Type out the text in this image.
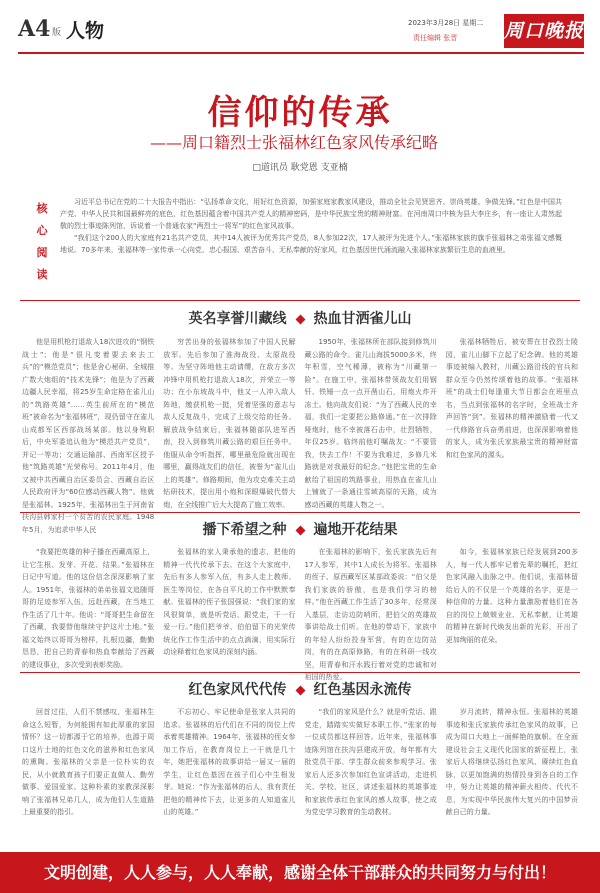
A4 版 人物	2023年3月28日 星期二
责任编辑 张晋 周口晚报
信仰的传承
——周口籍烈士张福林红色家风传承纪略
□道讯员 耿党恩 支亚楠
核
心
阅
读

习近平总书记在党的二十大报告中指出：“弘扬革命文化，用好红色资源，加强家庭家教家风建设，推动全社会见贤思齐、崇尚英雄、争做先锋。”红色是中国共产党、中华人民共和国最鲜亮的底色，红色基因蕴含着中国共产党人的精神密码，是中华民族宝贵的精神财富。在河南周口中核为县大李庄乡，有一座让人肃然起敬的烈士事迹陈列馆，诉说着一个普通农家“两烈士一将军”的红色家风故事。

“我们这个200人的大家庭有21名共产党员，其中14人被评为优秀共产党员，8人参加22次，17人被评为先进个人。”张福林家族的旗手张福林之弟张福文感慨地说。70多年来，张福林等一家传承一心向党、忠心报国、艰苦奋斗、无私奉献的好家风，红色基因世代涌流融入张福林家族繁衍生息的血液里。

英名享誉川藏线 热血甘洒雀儿山

他是用机枪打退敌人18次进攻的“钢铁战士”；他是“很凡变着要去来去工兵”的“模范党员”；他是舍心秘研、全城推广数大炮组的“技术先锋”；他是为了西藏边疆人民幸福，将25岁生命定格在雀儿山的“筑路英雄”……英生前所在的“模范班”被命名为“张福林班”，现仍留守在雀儿山成都军区西部战场某部。他以身殉职后，中央军委追认他为“模范共产党员”，并记一等功；交通运输部、西南军区授予他“筑路英雄”光荣称号。2011年4月，他又被中共西藏自治区委员会、西藏自治区人民政府评为“60位感动西藏人物”。他就是张福林。1925年，张福林出生于河南省扶沟县韩家村一个贫苦的农民家庭。1948年5月，为追求中华人民

穷苦出身的张福林参加了中国人民解放军。先后参加了淮海战役、太原战役等。为坚守阵地他主动请缨，在敌方多次冲锋中用机枪打退敌人18次，并荣立一等功；在小东坡战斗中，他又一人冲入敌人阵地，缴获机枪一挺，凭着坚强的意志与敌人反复战斗，完成了上级交给的任务。解放战争结束后，张福林随部队进军西南，投入到修筑川藏公路的艰巨任务中。他服从命令听指挥，哪里最危险就出现在哪里，赢得战友们的信任，被誉为“雀儿山上的英雄”。修路期间，他为攻克难关主动钻研技术，提出用小炮和深眼爆破代替大炮，在全线推广后大大提高了施工效率。

1950年，张福林所在部队接到修筑川藏公路的命令。雀儿山海拔5000多米，终年积雪，空气稀薄，被称为“川藏第一险”。在施工中，张福林带领战友们用钢钎、铁锤一点一点开凿山石，用炮火炸开冻土。他向战友们说：“为了西藏人民的幸福，我们一定要把公路修通。”在一次排除哑炮时，他不幸被落石击中，壮烈牺牲，年仅25岁。临终前他叮嘱战友：“不要管我，快去工作！不要为我难过，多修几米路就是对我最好的纪念。”他把宝贵的生命献给了祖国的筑路事业，用热血在雀儿山上铺就了一条通往雪域高原的天路，成为感动西藏的英雄人物之一。

张福林牺牲后，被安葬在甘孜烈士陵园，雀儿山脚下立起了纪念碑。他的英雄事迹被编入教材，川藏公路沿线的官兵和群众至今仍然传颂着他的故事。“张福林班”的战士们每逢重大节日都会在班里点名，当点到张福林的名字时，全班战士齐声回答“到”。张福林的精神激励着一代又一代修路官兵奋勇前进，也深深影响着他的家人，成为张氏家族最宝贵的精神财富和红色家风的源头。

播下希望之种 遍地开花结果

“我要把英雄的种子播在西藏高原上，让它生根、发芽、开花、结果。”张福林在日记中写道。他的这份信念深深影响了家人。1951年，张福林的弟弟张福文追随哥哥的足迹参军入伍，远赴西藏，在当地工作生活了几十年。他说：“哥哥把生命留在了西藏，我要替他继续守护这片土地。”张福文始终以哥哥为榜样，扎根边疆，勤勤恳恳，把自己的青春和热血奉献给了西藏的建设事业，多次受到表彰奖励。

张福林的家人秉承他的遗志，把他的精神一代代传承下去。在这个大家庭中，先后有多人参军入伍，有多人走上教师、医生等岗位，在各自平凡的工作中默默奉献。张福林的侄子张国强说：“我们家的家风很简单，就是听党话、跟党走，干一行爱一行。”他们把爷爷、伯伯留下的光荣传统化作工作生活中的点点滴滴，用实际行动诠释着红色家风的深刻内涵。

在张福林的影响下，张氏家族先后有17人参军，其中1人成长为将军。张福林的侄子、原西藏军区某部政委说：“伯父是我们家族的骄傲，也是我们学习的榜样。”他在西藏工作生活了30多年，经常深入基层，走访边防哨所，把伯父的英雄故事讲给战士们听。在他的带动下，家族中的年轻人纷纷投身军营，有的在边防站岗，有的在高原修路，有的在科研一线攻坚，用青春和汗水践行着对党的忠诚和对祖国的热爱。

如今，张福林家族已经发展到200多人，每一代人都牢记着先辈的嘱托，把红色家风融入血脉之中。他们说，张福林留给后人的不仅是一个英雄的名字，更是一种信仰的力量。这种力量激励着他们在各自的岗位上兢兢业业、无私奉献，让英雄的精神在新时代焕发出新的光彩，开出了更加绚丽的花朵。

红色家风代代传 红色基因永流传

回首过往，人们不禁感叹，张福林生命这么短暂，为何能拥有如此厚重的家国情怀？这一切都源于它的培养，也源于周口这片土地的红色文化的滋养和红色家风的熏陶。张福林的父亲是一位朴实的农民，从小就教育孩子们要正直做人、勤劳做事、爱国爱家。这种朴素的家教深深影响了张福林兄弟几人，成为他们人生道路上最重要的指引。

不忘初心、牢记使命是张家人共同的追求。张福林的后代们在不同的岗位上传承着英雄精神。1964年，张福林的侄女参加工作后，在教育岗位上一干就是几十年，她把张福林的故事讲给一届又一届的学生，让红色基因在孩子们心中生根发芽。她说：“作为张福林的后人，我有责任把他的精神传下去，让更多的人知道雀儿山的英雄。”

“我们的家风是什么？就是听党话、跟党走，踏踏实实做好本职工作。”张家的每一位成员都这样回答。近年来，张福林事迹陈列馆在扶沟县建成开放，每年都有大批党员干部、学生群众前来参观学习。张家后人还多次参加红色宣讲活动，走进机关、学校、社区，讲述张福林的英雄事迹和家族传承红色家风的感人故事，使之成为党史学习教育的生动教材。

岁月流转，精神永恒。张福林的英雄事迹和张氏家族传承红色家风的故事，已成为周口大地上一面鲜艳的旗帜。在全面建设社会主义现代化国家的新征程上，张家后人将继续弘扬红色家风、赓续红色血脉，以更加饱满的热情投身到各自的工作中，努力让英雄的精神薪火相传、代代不息，为实现中华民族伟大复兴的中国梦贡献自己的力量。

文明创建，人人参与，人人奉献，感谢全体干部群众的共同努力与付出！
